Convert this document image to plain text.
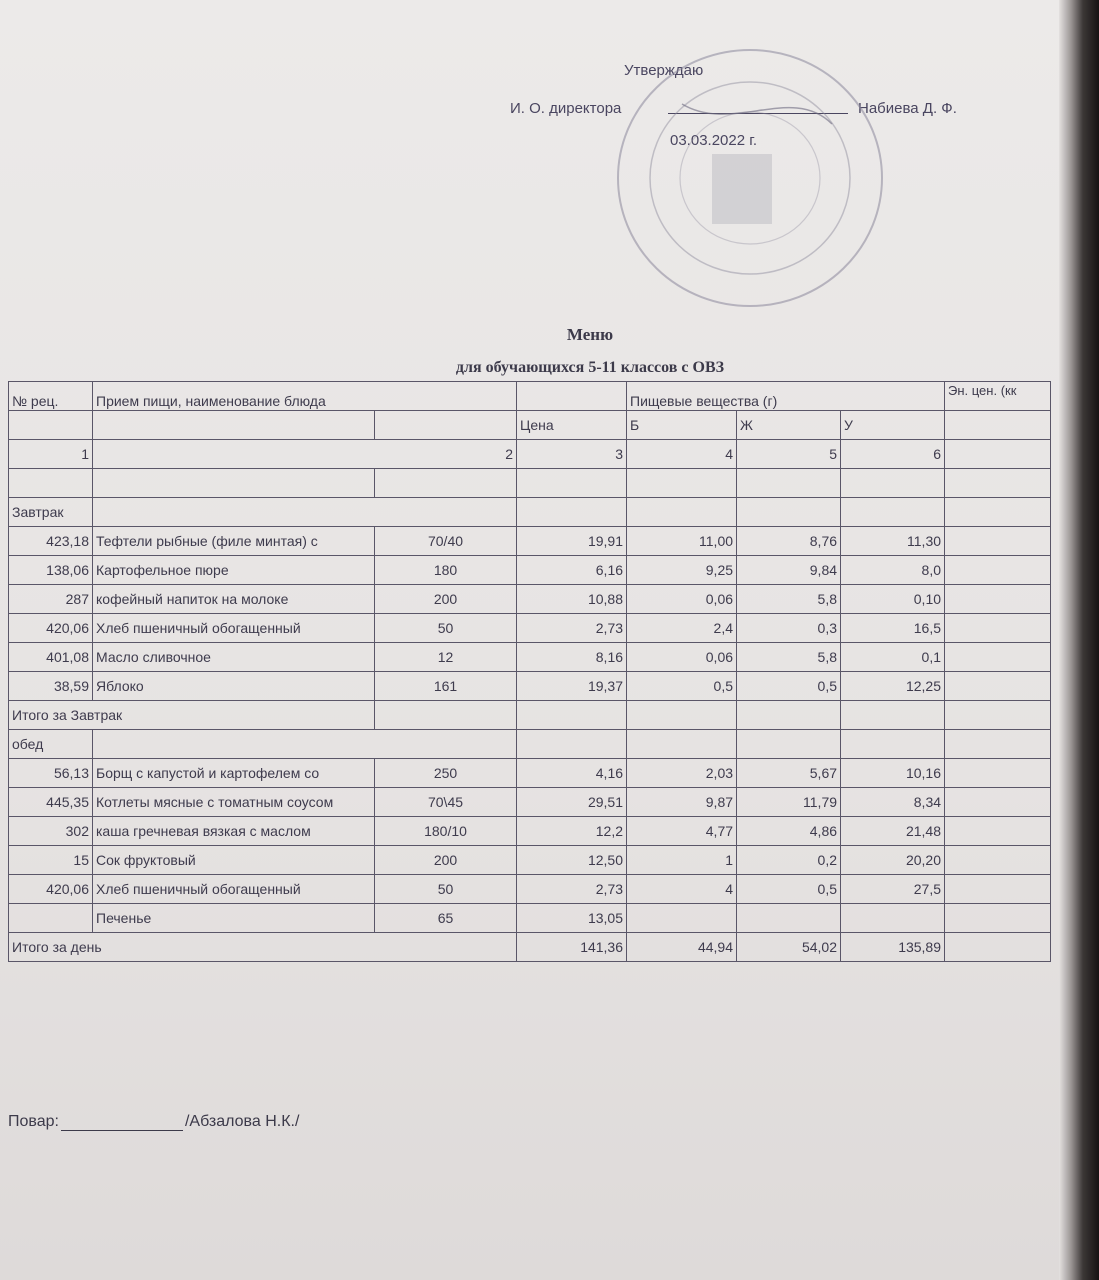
Утверждаю
И. О. директора	Набиева Д. Ф.
03.03.2022 г.
Меню
для обучающихся 5-11 классов с ОВЗ
№ рец.	Прием пищи, наименование блюда			Пищевые вещества (г)			Эн. цен. (кк
			Цена	Б	Ж	У	
1	2		3	4	5	6	

Завтрак							
423,18	Тефтели рыбные (филе минтая) с	70/40	19,91	11,00	8,76	11,30	
138,06	Картофельное пюре	180	6,16	9,25	9,84	8,0	
287	кофейный напиток на молоке	200	10,88	0,06	5,8	0,10	
420,06	Хлеб пшеничный обогащенный	50	2,73	2,4	0,3	16,5	
401,08	Масло сливочное	12	8,16	0,06	5,8	0,1	
38,59	Яблоко	161	19,37	0,5	0,5	12,25	
Итого за Завтрак							
обед							
56,13	Борщ с капустой и картофелем со	250	4,16	2,03	5,67	10,16	
445,35	Котлеты мясные с томатным соусом	70\45	29,51	9,87	11,79	8,34	
302	каша гречневая вязкая с маслом	180/10	12,2	4,77	4,86	21,48	
15	Сок фруктовый	200	12,50	1	0,2	20,20	
420,06	Хлеб пшеничный обогащенный	50	2,73	4	0,5	27,5	
	Печенье	65	13,05				
Итого за день			141,36	44,94	54,02	135,89	
Повар:	/Абзалова Н.К./
